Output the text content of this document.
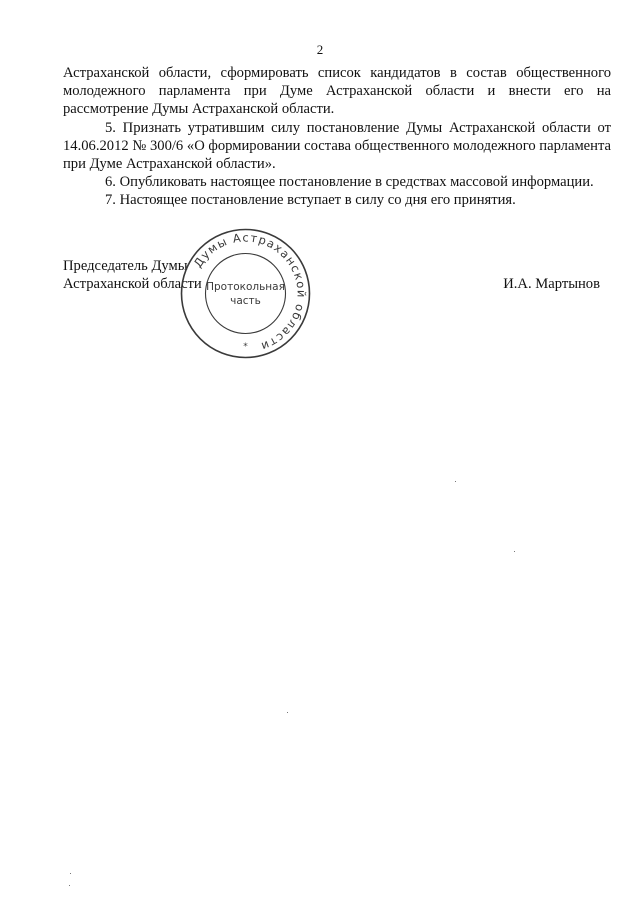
2

Астраханской области, сформировать список кандидатов в состав общественного молодежного парламента при Думе Астраханской области и внести его на рассмотрение Думы Астраханской области.

5. Признать утратившим силу постановление Думы Астраханской области от 14.06.2012 № 300/6 «О формировании состава общественного молодежного парламента при Думе Астраханской области».

6. Опубликовать настоящее постановление в средствах массовой информации.

7. Настоящее постановление вступает в силу со дня его принятия.

Председатель Думы

Астраханской области	И.А. Мартынов
Думы Астраханской области
Протокольная
часть
*
